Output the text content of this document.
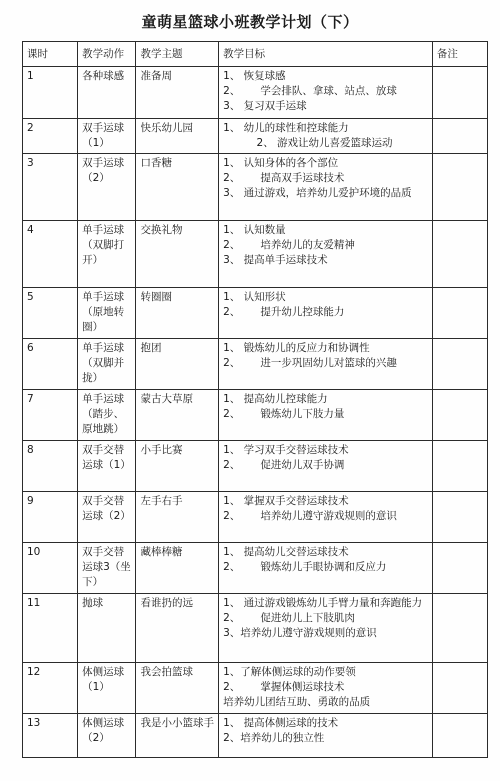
童萌星篮球小班教学计划（下）
课时	教学动作	教学主题	教学目标	备注
1	各种球感	准备周	1、 恢复球感
2、      学会排队、拿球、站点、放球
3、 复习双手运球	

2	双手运球（1）	快乐幼儿园	1、 幼儿的球性和控球能力
2、 游戏让幼儿喜爱篮球运动	

3	双手运球（2）	口香糖	1、 认知身体的各个部位
2、      提高双手运球技术
3、 通过游戏，培养幼儿爱护环境的品质	

4	单手运球（双脚打开）	交换礼物	1、 认知数量
2、      培养幼儿的友爱精神
3、 提高单手运球技术	

5	单手运球（原地转圈）	转圈圈	1、 认知形状
2、      提升幼儿控球能力	

6	单手运球（双脚并拢）	抱团	1、 锻炼幼儿的反应力和协调性
2、      进一步巩固幼儿对篮球的兴趣	

7	单手运球（踏步、原地跳）	蒙古大草原	1、 提高幼儿控球能力
2、      锻炼幼儿下肢力量	

8	双手交替运球（1）	小手比赛	1、 学习双手交替运球技术
2、      促进幼儿双手协调	

9	双手交替运球（2）	左手右手	1、 掌握双手交替运球技术
2、      培养幼儿遵守游戏规则的意识	

10	双手交替运球3（坐下）	藏棒棒糖	1、 提高幼儿交替运球技术
2、      锻炼幼儿手眼协调和反应力	

11	抛球	看谁扔的远	1、 通过游戏锻炼幼儿手臂力量和奔跑能力
2、      促进幼儿上下肢肌肉
3、培养幼儿遵守游戏规则的意识	

12	体侧运球（1）	我会拍篮球	1、了解体侧运球的动作要领
2、      掌握体侧运球技术
培养幼儿团结互助、勇敢的品质	

13	体侧运球（2）	我是小小篮球手	1、 提高体侧运球的技术
2、培养幼儿的独立性	
